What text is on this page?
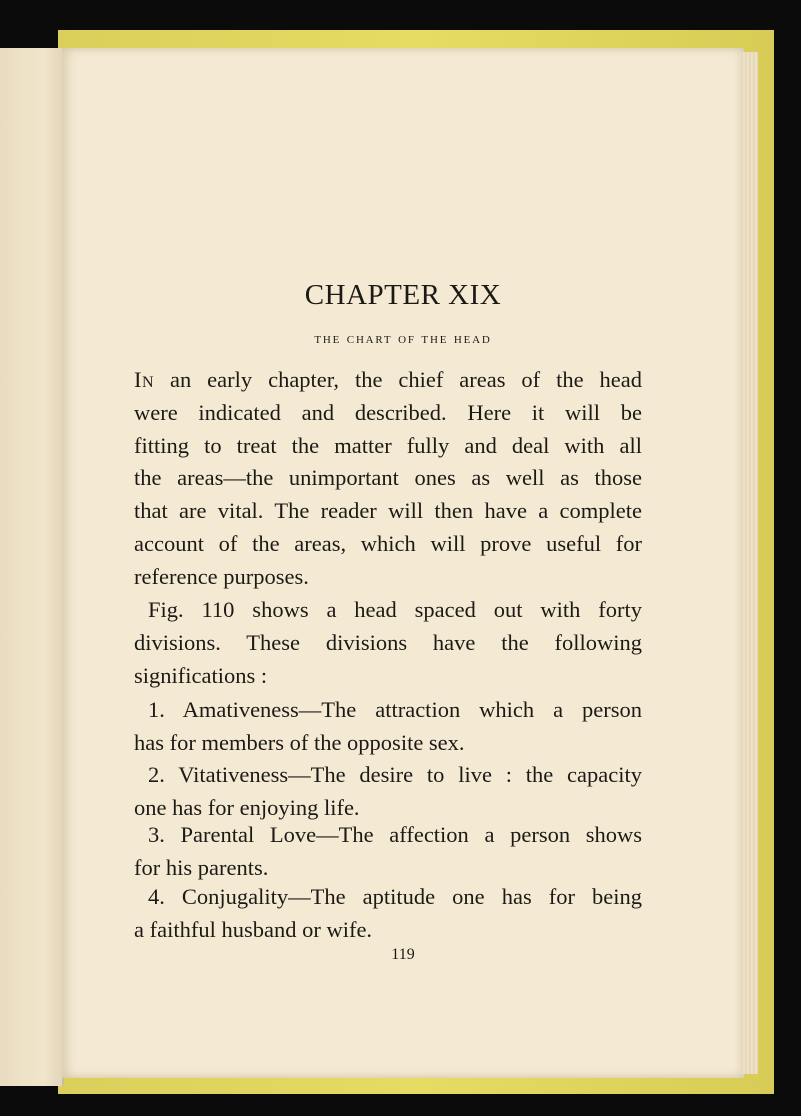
CHAPTER XIX
the chart of the head
In an early chapter, the chief areas of the head
were indicated and described. Here it will be
fitting to treat the matter fully and deal with all
the areas—the unimportant ones as well as those
that are vital. The reader will then have a complete
account of the areas, which will prove useful for
reference purposes.
Fig. 110 shows a head spaced out with forty
divisions. These divisions have the following
significations :
1. Amativeness—The attraction which a person
has for members of the opposite sex.
2. Vitativeness—The desire to live : the capacity
one has for enjoying life.
3. Parental Love—The affection a person shows
for his parents.
4. Conjugality—The aptitude one has for being
a faithful husband or wife.
119
